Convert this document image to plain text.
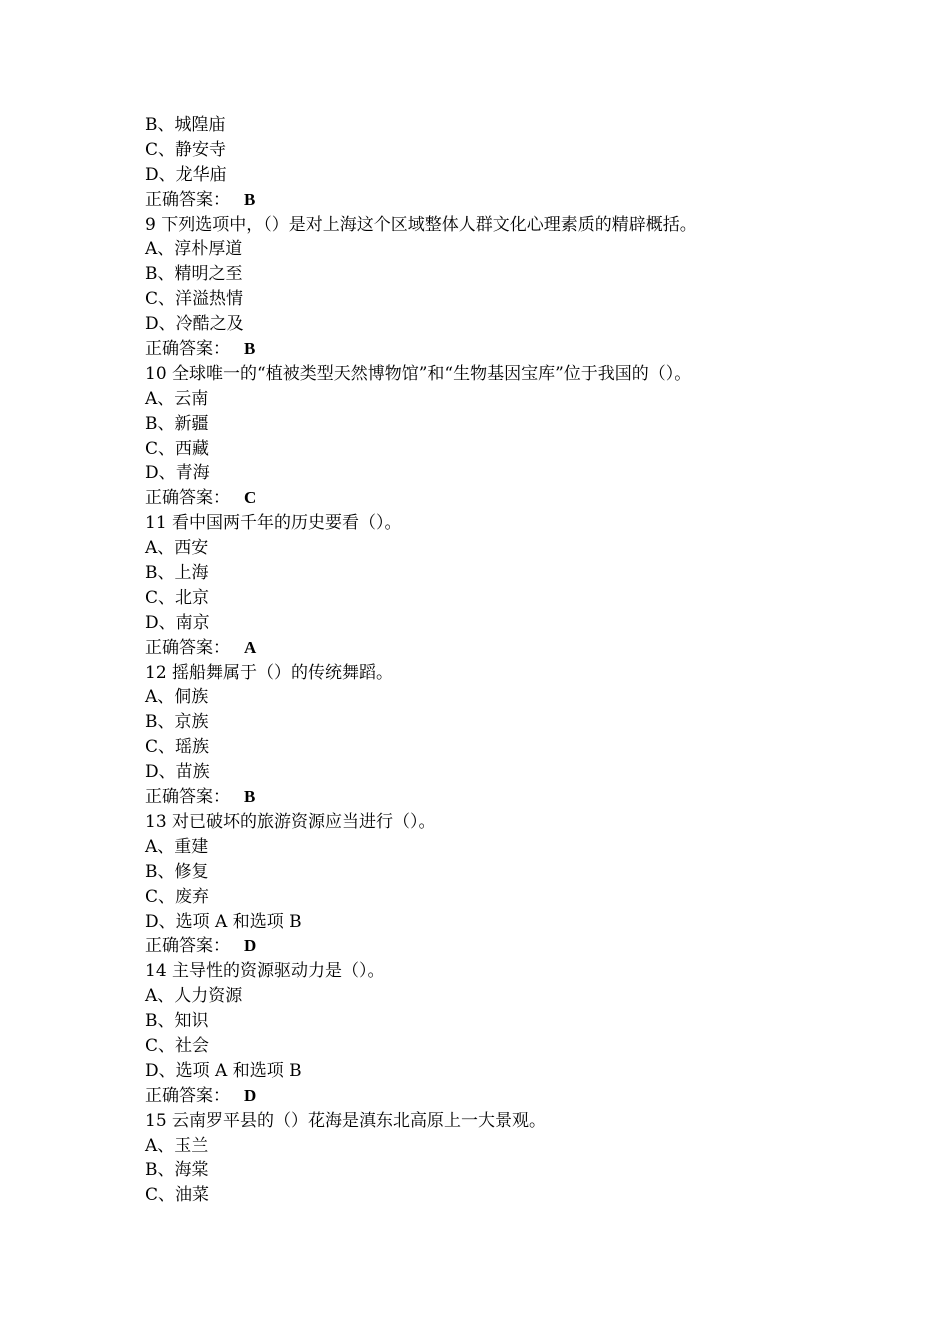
B、城隍庙
C、静安寺
D、龙华庙
正确答案： B
9 下列选项中，（）是对上海这个区域整体人群文化心理素质的精辟概括。
A、淳朴厚道
B、精明之至
C、洋溢热情
D、冷酷之及
正确答案： B
10 全球唯一的“植被类型天然博物馆”和“生物基因宝库”位于我国的（）。
A、云南
B、新疆
C、西藏
D、青海
正确答案： C
11 看中国两千年的历史要看（）。
A、西安
B、上海
C、北京
D、南京
正确答案： A
12 摇船舞属于（）的传统舞蹈。
A、侗族
B、京族
C、瑶族
D、苗族
正确答案： B
13 对已破坏的旅游资源应当进行（）。
A、重建
B、修复
C、废弃
D、选项 A 和选项 B
正确答案： D
14 主导性的资源驱动力是（）。
A、人力资源
B、知识
C、社会
D、选项 A 和选项 B
正确答案： D
15 云南罗平县的（）花海是滇东北高原上一大景观。
A、玉兰
B、海棠
C、油菜
